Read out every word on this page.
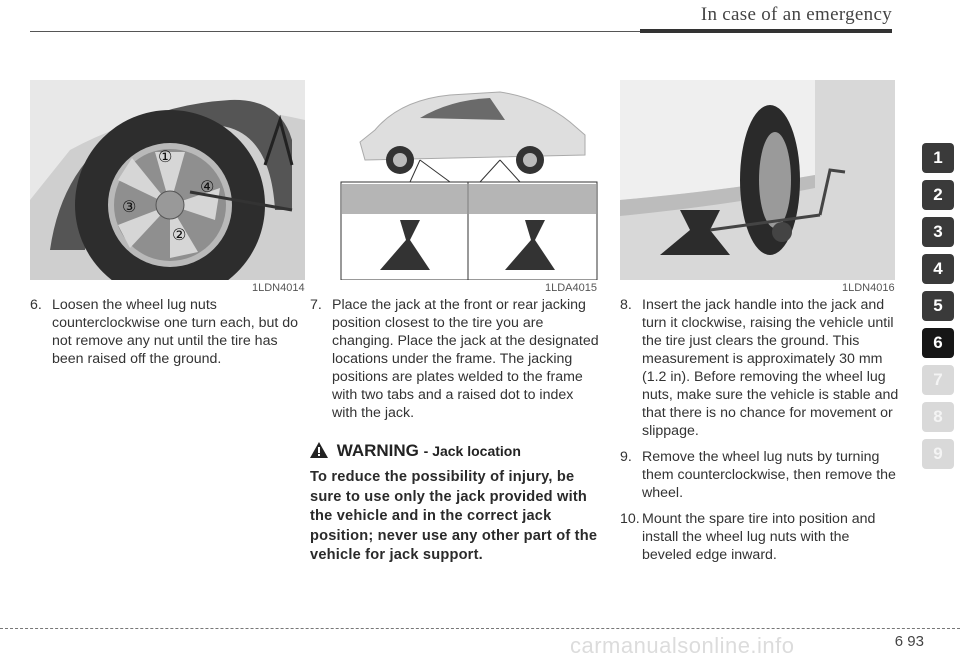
In case of an emergency
①
②
③
④
1LDN4014	1LDA4015	1LDN4016
6. Loosen the wheel lug nuts counterclockwise one turn each, but do not remove any nut until the tire has been raised off the ground.
7. Place the jack at the front or rear jacking position closest to the tire you are changing. Place the jack at the designated locations under the frame. The jacking positions are plates welded to the frame with two tabs and a raised dot to index with the jack.
WARNING - Jack location
To reduce the possibility of injury, be sure to use only the jack provided with the vehicle and in the correct jack position; never use any other part of the vehicle for jack support.
8. Insert the jack handle into the jack and turn it clockwise, raising the vehicle until the tire just clears the ground. This measurement is approximately 30 mm (1.2 in). Before removing the wheel lug nuts, make sure the vehicle is stable and that there is no chance for movement or slippage.
9. Remove the wheel lug nuts by turning them counterclockwise, then remove the wheel.
10. Mount the spare tire into position and install the wheel lug nuts with the beveled edge inward.
1
2
3
4
5
6
7
8
9
carmanualsonline.info	6 93
